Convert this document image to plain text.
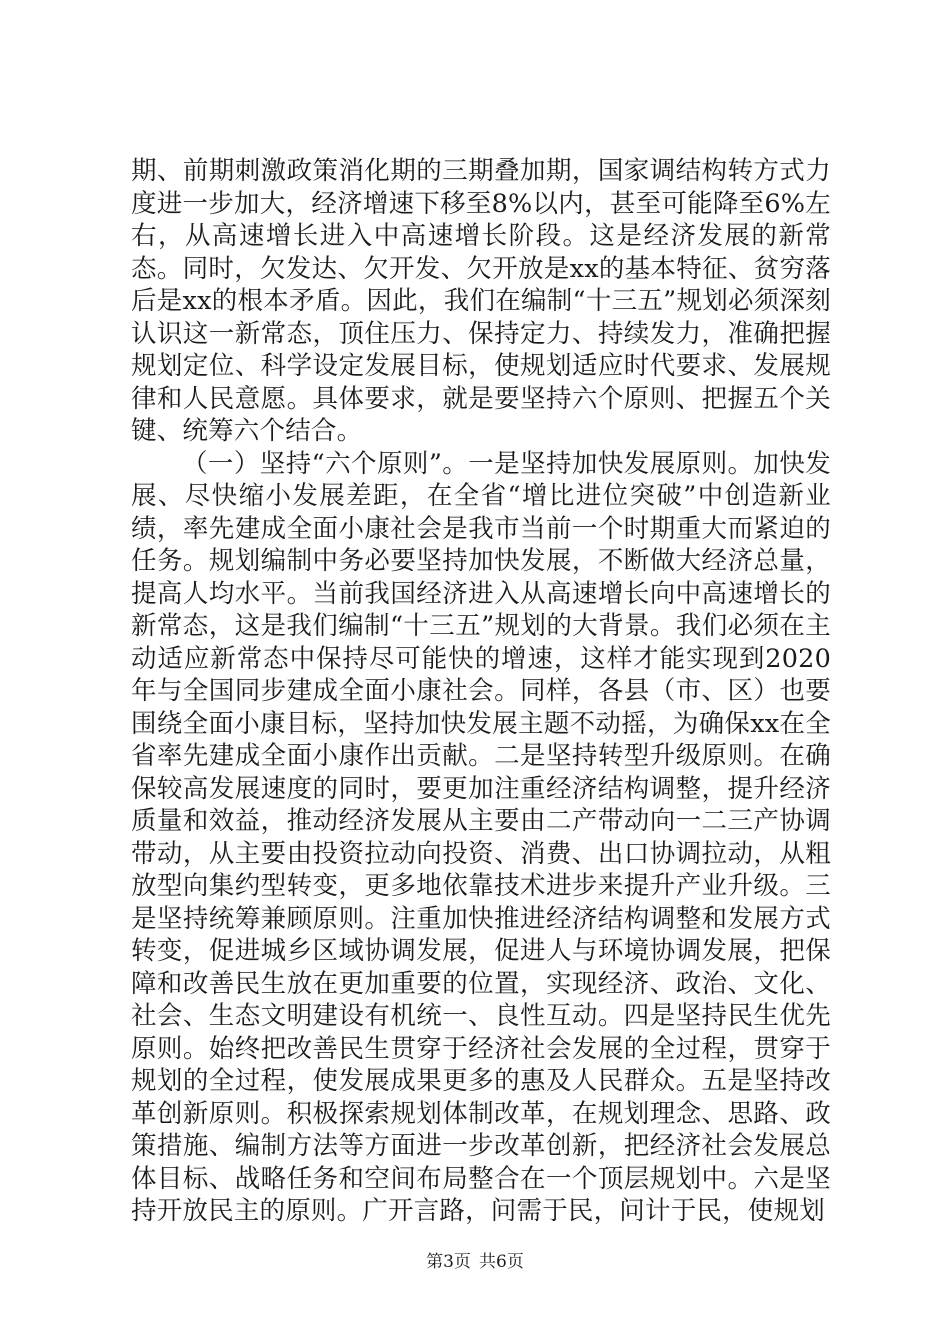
期、前期刺激政策消化期的三期叠加期，国家调结构转方式力度进一步加大，经济增速下移至8%以内，甚至可能降至6%左右，从高速增长进入中高速增长阶段。这是经济发展的新常态。同时，欠发达、欠开发、欠开放是xx的基本特征、贫穷落后是xx的根本矛盾。因此，我们在编制“十三五”规划必须深刻认识这一新常态，顶住压力、保持定力、持续发力，准确把握规划定位、科学设定发展目标，使规划适应时代要求、发展规律和人民意愿。具体要求，就是要坚持六个原则、把握五个关键、统筹六个结合。

（一）坚持“六个原则”。一是坚持加快发展原则。加快发展、尽快缩小发展差距，在全省“增比进位突破”中创造新业绩，率先建成全面小康社会是我市当前一个时期重大而紧迫的任务。规划编制中务必要坚持加快发展，不断做大经济总量，提高人均水平。当前我国经济进入从高速增长向中高速增长的新常态，这是我们编制“十三五”规划的大背景。我们必须在主动适应新常态中保持尽可能快的增速，这样才能实现到2020年与全国同步建成全面小康社会。同样，各县（市、区）也要围绕全面小康目标，坚持加快发展主题不动摇，为确保xx在全省率先建成全面小康作出贡献。二是坚持转型升级原则。在确保较高发展速度的同时，要更加注重经济结构调整，提升经济质量和效益，推动经济发展从主要由二产带动向一二三产协调带动，从主要由投资拉动向投资、消费、出口协调拉动，从粗放型向集约型转变，更多地依靠技术进步来提升产业升级。三是坚持统筹兼顾原则。注重加快推进经济结构调整和发展方式转变，促进城乡区域协调发展，促进人与环境协调发展，把保障和改善民生放在更加重要的位置，实现经济、政治、文化、社会、生态文明建设有机统一、良性互动。四是坚持民生优先原则。始终把改善民生贯穿于经济社会发展的全过程，贯穿于规划的全过程，使发展成果更多的惠及人民群众。五是坚持改革创新原则。积极探索规划体制改革，在规划理念、思路、政策措施、编制方法等方面进一步改革创新，把经济社会发展总体目标、战略任务和空间布局整合在一个顶层规划中。六是坚持开放民主的原则。广开言路，问需于民，问计于民，使规划

第3页 共6页
